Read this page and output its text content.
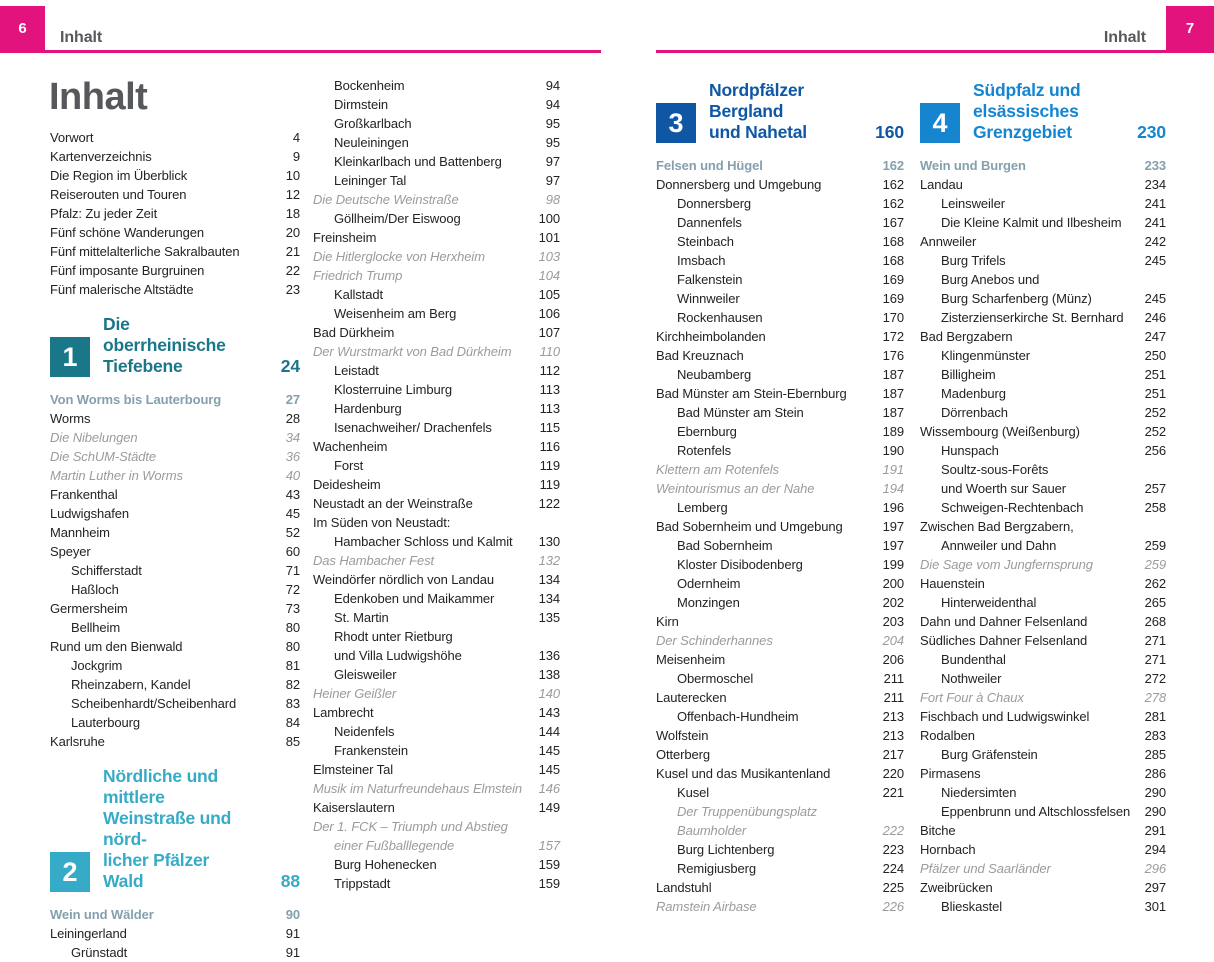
6
Inhalt	Inhalt
7
Inhalt
Vorwort	4
Kartenverzeichnis	9
Die Region im Überblick	10
Reiserouten und Touren	12
Pfalz: Zu jeder Zeit	18
Fünf schöne Wanderungen	20
Fünf mittelalterliche Sakralbauten	21
Fünf imposante Burgruinen	22
Fünf malerische Altstädte	23
1
Die oberrheinische
Tiefebene	24
Von Worms bis Lauterbourg	27
Worms	28
Die Nibelungen	34
Die SchUM-Städte	36
Martin Luther in Worms	40
Frankenthal	43
Ludwigshafen	45
Mannheim	52
Speyer	60
Schifferstadt	71
Haßloch	72
Germersheim	73
Bellheim	80
Rund um den Bienwald	80
Jockgrim	81
Rheinzabern, Kandel	82
Scheibenhardt/Scheibenhard	83
Lauterbourg	84
Karlsruhe	85
2
Nördliche und mittlere
Weinstraße und nörd-
licher Pfälzer Wald	88
Wein und Wälder	90
Leiningerland	91
Grünstadt	91
Bockenheim	94
Dirmstein	94
Großkarlbach	95
Neuleiningen	95
Kleinkarlbach und Battenberg	97
Leininger Tal	97
Die Deutsche Weinstraße	98
Göllheim/Der Eiswoog	100
Freinsheim	101
Die Hitlerglocke von Herxheim	103
Friedrich Trump	104
Kallstadt	105
Weisenheim am Berg	106
Bad Dürkheim	107
Der Wurstmarkt von Bad Dürkheim	110
Leistadt	112
Klosterruine Limburg	113
Hardenburg	113
Isenachweiher/ Drachenfels	115
Wachenheim	116
Forst	119
Deidesheim	119
Neustadt an der Weinstraße	122
Im Süden von Neustadt:
Hambacher Schloss und Kalmit	130
Das Hambacher Fest	132
Weindörfer nördlich von Landau	134
Edenkoben und Maikammer	134
St. Martin	135
Rhodt unter Rietburg
und Villa Ludwigshöhe	136
Gleisweiler	138
Heiner Geißler	140
Lambrecht	143
Neidenfels	144
Frankenstein	145
Elmsteiner Tal	145
Musik im Naturfreundehaus Elmstein	146
Kaiserslautern	149
Der 1. FCK – Triumph und Abstieg
einer Fußballlegende	157
Burg Hohenecken	159
Trippstadt	159
3
Nordpfälzer Bergland
und Nahetal	160
Felsen und Hügel	162
Donnersberg und Umgebung	162
Donnersberg	162
Dannenfels	167
Steinbach	168
Imsbach	168
Falkenstein	169
Winnweiler	169
Rockenhausen	170
Kirchheimbolanden	172
Bad Kreuznach	176
Neubamberg	187
Bad Münster am Stein-Ebernburg	187
Bad Münster am Stein	187
Ebernburg	189
Rotenfels	190
Klettern am Rotenfels	191
Weintourismus an der Nahe	194
Lemberg	196
Bad Sobernheim und Umgebung	197
Bad Sobernheim	197
Kloster Disibodenberg	199
Odernheim	200
Monzingen	202
Kirn	203
Der Schinderhannes	204
Meisenheim	206
Obermoschel	211
Lauterecken	211
Offenbach-Hundheim	213
Wolfstein	213
Otterberg	217
Kusel und das Musikantenland	220
Kusel	221
Der Truppenübungsplatz
Baumholder	222
Burg Lichtenberg	223
Remigiusberg	224
Landstuhl	225
Ramstein Airbase	226
4
Südpfalz und elsässisches
Grenzgebiet	230
Wein und Burgen	233
Landau	234
Leinsweiler	241
Die Kleine Kalmit und Ilbesheim	241
Annweiler	242
Burg Trifels	245
Burg Anebos und
Burg Scharfenberg (Münz)	245
Zisterzienserkirche St. Bernhard	246
Bad Bergzabern	247
Klingenmünster	250
Billigheim	251
Madenburg	251
Dörrenbach	252
Wissembourg (Weißenburg)	252
Hunspach	256
Soultz-sous-Forêts
und Woerth sur Sauer	257
Schweigen-Rechtenbach	258
Zwischen Bad Bergzabern,
Annweiler und Dahn	259
Die Sage vom Jungfernsprung	259
Hauenstein	262
Hinterweidenthal	265
Dahn und Dahner Felsenland	268
Südliches Dahner Felsenland	271
Bundenthal	271
Nothweiler	272
Fort Four à Chaux	278
Fischbach und Ludwigswinkel	281
Rodalben	283
Burg Gräfenstein	285
Pirmasens	286
Niedersimten	290
Eppenbrunn und Altschlossfelsen	290
Bitche	291
Hornbach	294
Pfälzer und Saarländer	296
Zweibrücken	297
Blieskastel	301
